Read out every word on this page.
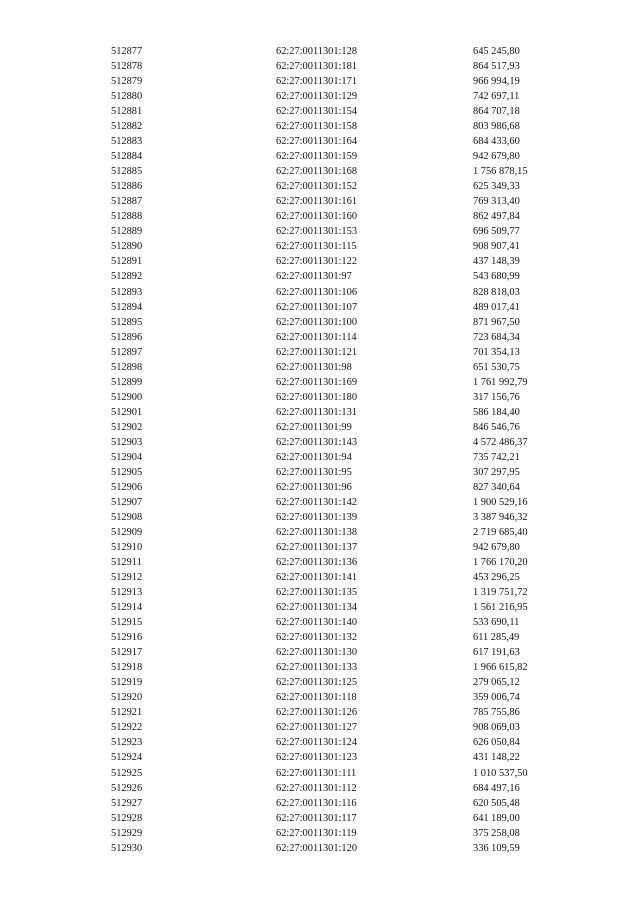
512877	62:27:0011301:128	645 245,80
512878	62:27:0011301:181	864 517,93
512879	62:27:0011301:171	966 994,19
512880	62:27:0011301:129	742 697,11
512881	62:27:0011301:154	864 707,18
512882	62:27:0011301:158	803 986,68
512883	62:27:0011301:164	684 433,60
512884	62:27:0011301:159	942 679,80
512885	62:27:0011301:168	1 756 878,15
512886	62:27:0011301:152	625 349,33
512887	62:27:0011301:161	769 313,40
512888	62:27:0011301:160	862 497,84
512889	62:27:0011301:153	696 509,77
512890	62:27:0011301:115	908 907,41
512891	62:27:0011301:122	437 148,39
512892	62:27:0011301:97	543 680,99
512893	62:27:0011301:106	828 818,03
512894	62:27:0011301:107	489 017,41
512895	62:27:0011301:100	871 967,50
512896	62:27:0011301:114	723 684,34
512897	62:27:0011301:121	701 354,13
512898	62:27:0011301:98	651 530,75
512899	62:27:0011301:169	1 761 992,79
512900	62:27:0011301:180	317 156,76
512901	62:27:0011301:131	586 184,40
512902	62:27:0011301:99	846 546,76
512903	62:27:0011301:143	4 572 486,37
512904	62:27:0011301:94	735 742,21
512905	62:27:0011301:95	307 297,95
512906	62:27:0011301:96	827 340,64
512907	62:27:0011301:142	1 900 529,16
512908	62:27:0011301:139	3 387 946,32
512909	62:27:0011301:138	2 719 685,40
512910	62:27:0011301:137	942 679,80
512911	62:27:0011301:136	1 766 170,20
512912	62:27:0011301:141	453 296,25
512913	62:27:0011301:135	1 319 751,72
512914	62:27:0011301:134	1 561 216,95
512915	62:27:0011301:140	533 690,11
512916	62:27:0011301:132	611 285,49
512917	62:27:0011301:130	617 191,63
512918	62:27:0011301:133	1 966 615,82
512919	62:27:0011301:125	279 065,12
512920	62:27:0011301:118	359 006,74
512921	62:27:0011301:126	785 755,86
512922	62:27:0011301:127	908 069,03
512923	62:27:0011301:124	626 050,84
512924	62:27:0011301:123	431 148,22
512925	62:27:0011301:111	1 010 537,50
512926	62:27:0011301:112	684 497,16
512927	62:27:0011301:116	620 505,48
512928	62:27:0011301:117	641 189,00
512929	62:27:0011301:119	375 258,08
512930	62:27:0011301:120	336 109,59
